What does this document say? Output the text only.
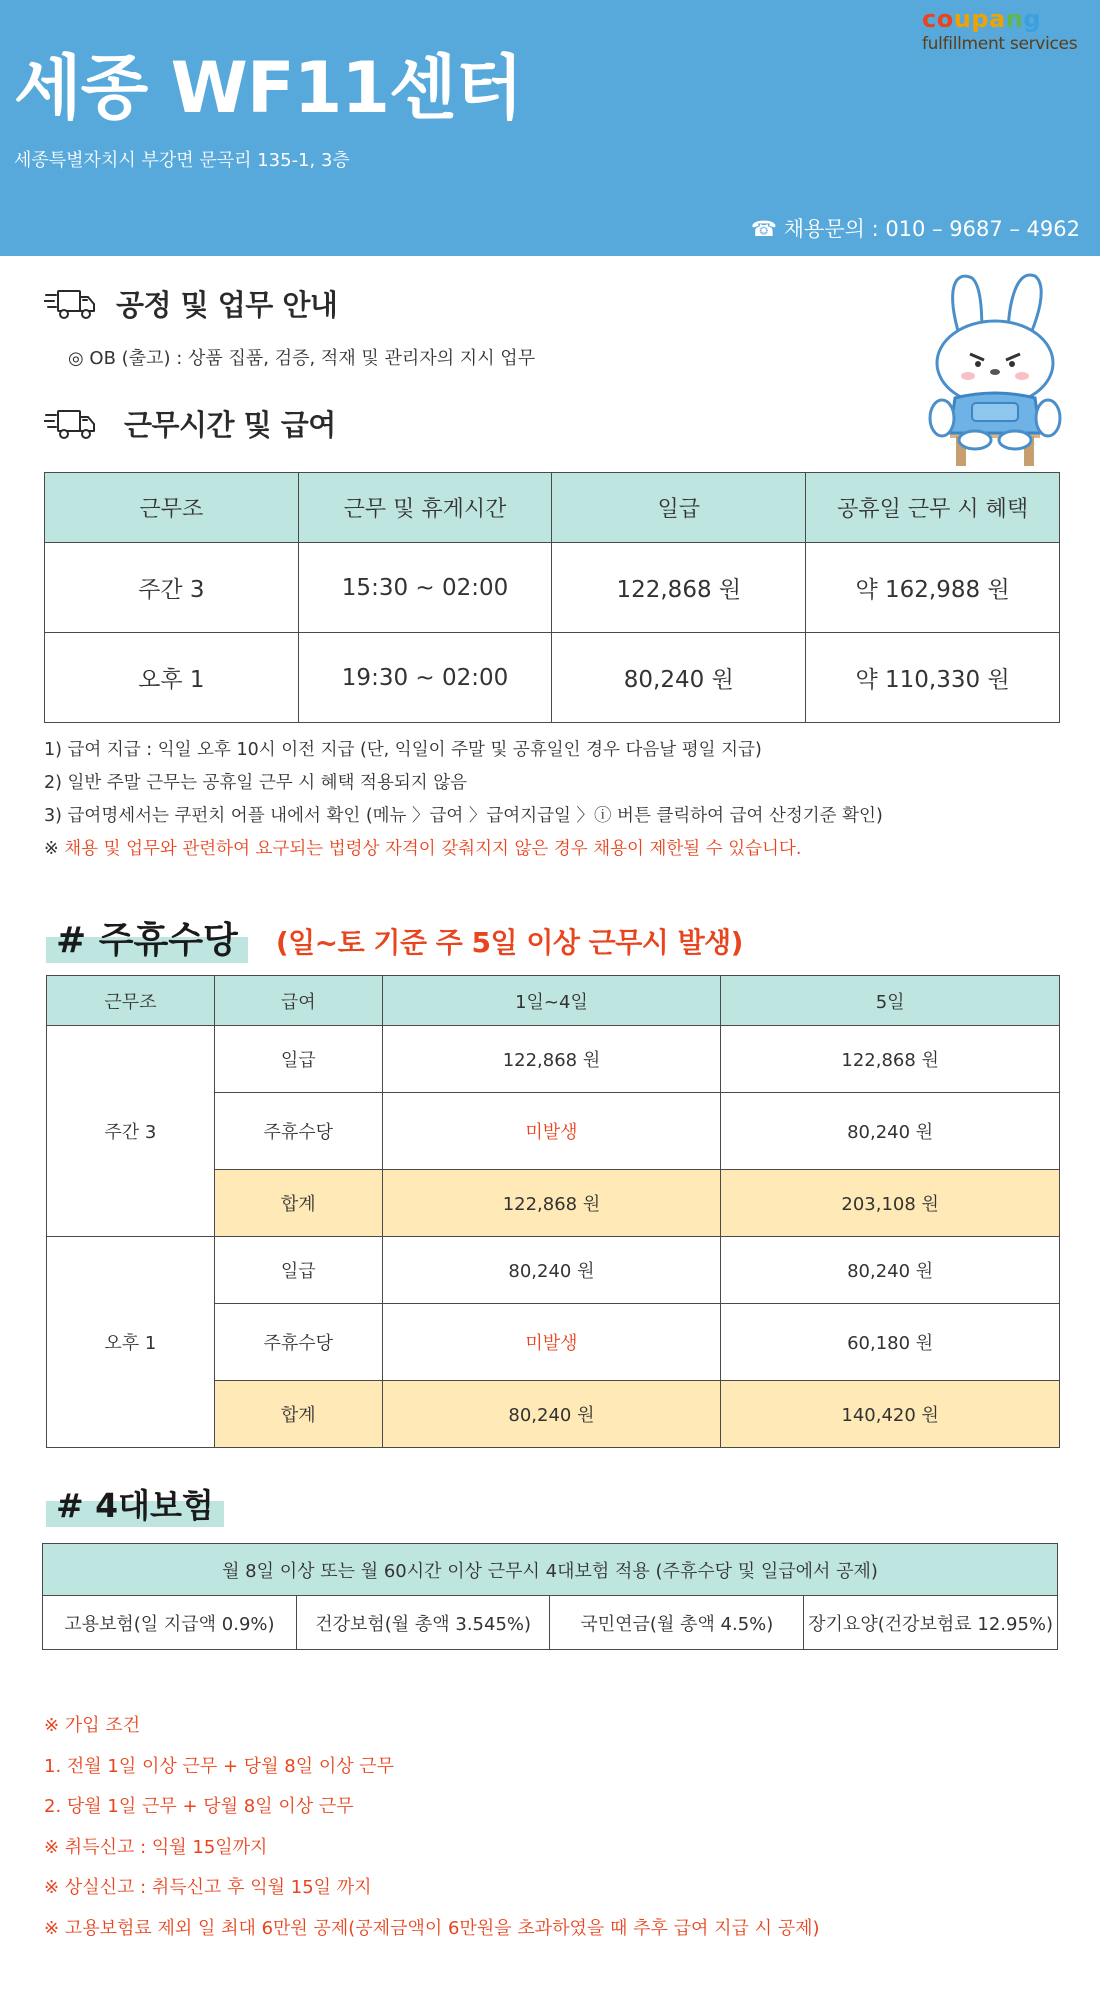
coupang
fulfillment services
세종 WF11센터
세종특별자치시 부강면 문곡리 135-1, 3층
☎ 채용문의 : 010 – 9687 – 4962
공정 및 업무 안내
◎ OB (출고) : 상품 집품, 검증, 적재 및 관리자의 지시 업무
근무시간 및 급여
근무조	근무 및 휴게시간	일급	공휴일 근무 시 혜택
주간 3	15:30 ~ 02:00	122,868 원	약 162,988 원
오후 1	19:30 ~ 02:00	80,240 원	약 110,330 원
1) 급여 지급 : 익일 오후 10시 이전 지급 (단, 익일이 주말 및 공휴일인 경우 다음날 평일 지급)
2) 일반 주말 근무는 공휴일 근무 시 혜택 적용되지 않음
3) 급여명세서는 쿠펀치 어플 내에서 확인 (메뉴 〉급여 〉급여지급일 〉ⓘ 버튼 클릭하여 급여 산정기준 확인)
※ 채용 및 업무와 관련하여 요구되는 법령상 자격이 갖춰지지 않은 경우 채용이 제한될 수 있습니다.
# 주휴수당	(일~토 기준 주 5일 이상 근무시 발생)
근무조	급여	1일~4일	5일
주간 3	일급	122,868 원	122,868 원
	주휴수당	미발생	80,240 원
	합계	122,868 원	203,108 원
오후 1	일급	80,240 원	80,240 원
	주휴수당	미발생	60,180 원
	합계	80,240 원	140,420 원
# 4대보험
월 8일 이상 또는 월 60시간 이상 근무시 4대보험 적용 (주휴수당 및 일급에서 공제)
고용보험(일 지급액 0.9%)	건강보험(월 총액 3.545%)	국민연금(월 총액 4.5%)	장기요양(건강보험료 12.95%)
※ 가입 조건
1. 전월 1일 이상 근무 + 당월 8일 이상 근무
2. 당월 1일 근무 + 당월 8일 이상 근무
※ 취득신고 : 익월 15일까지
※ 상실신고 : 취득신고 후 익월 15일 까지
※ 고용보험료 제외 일 최대 6만원 공제(공제금액이 6만원을 초과하였을 때 추후 급여 지급 시 공제)
